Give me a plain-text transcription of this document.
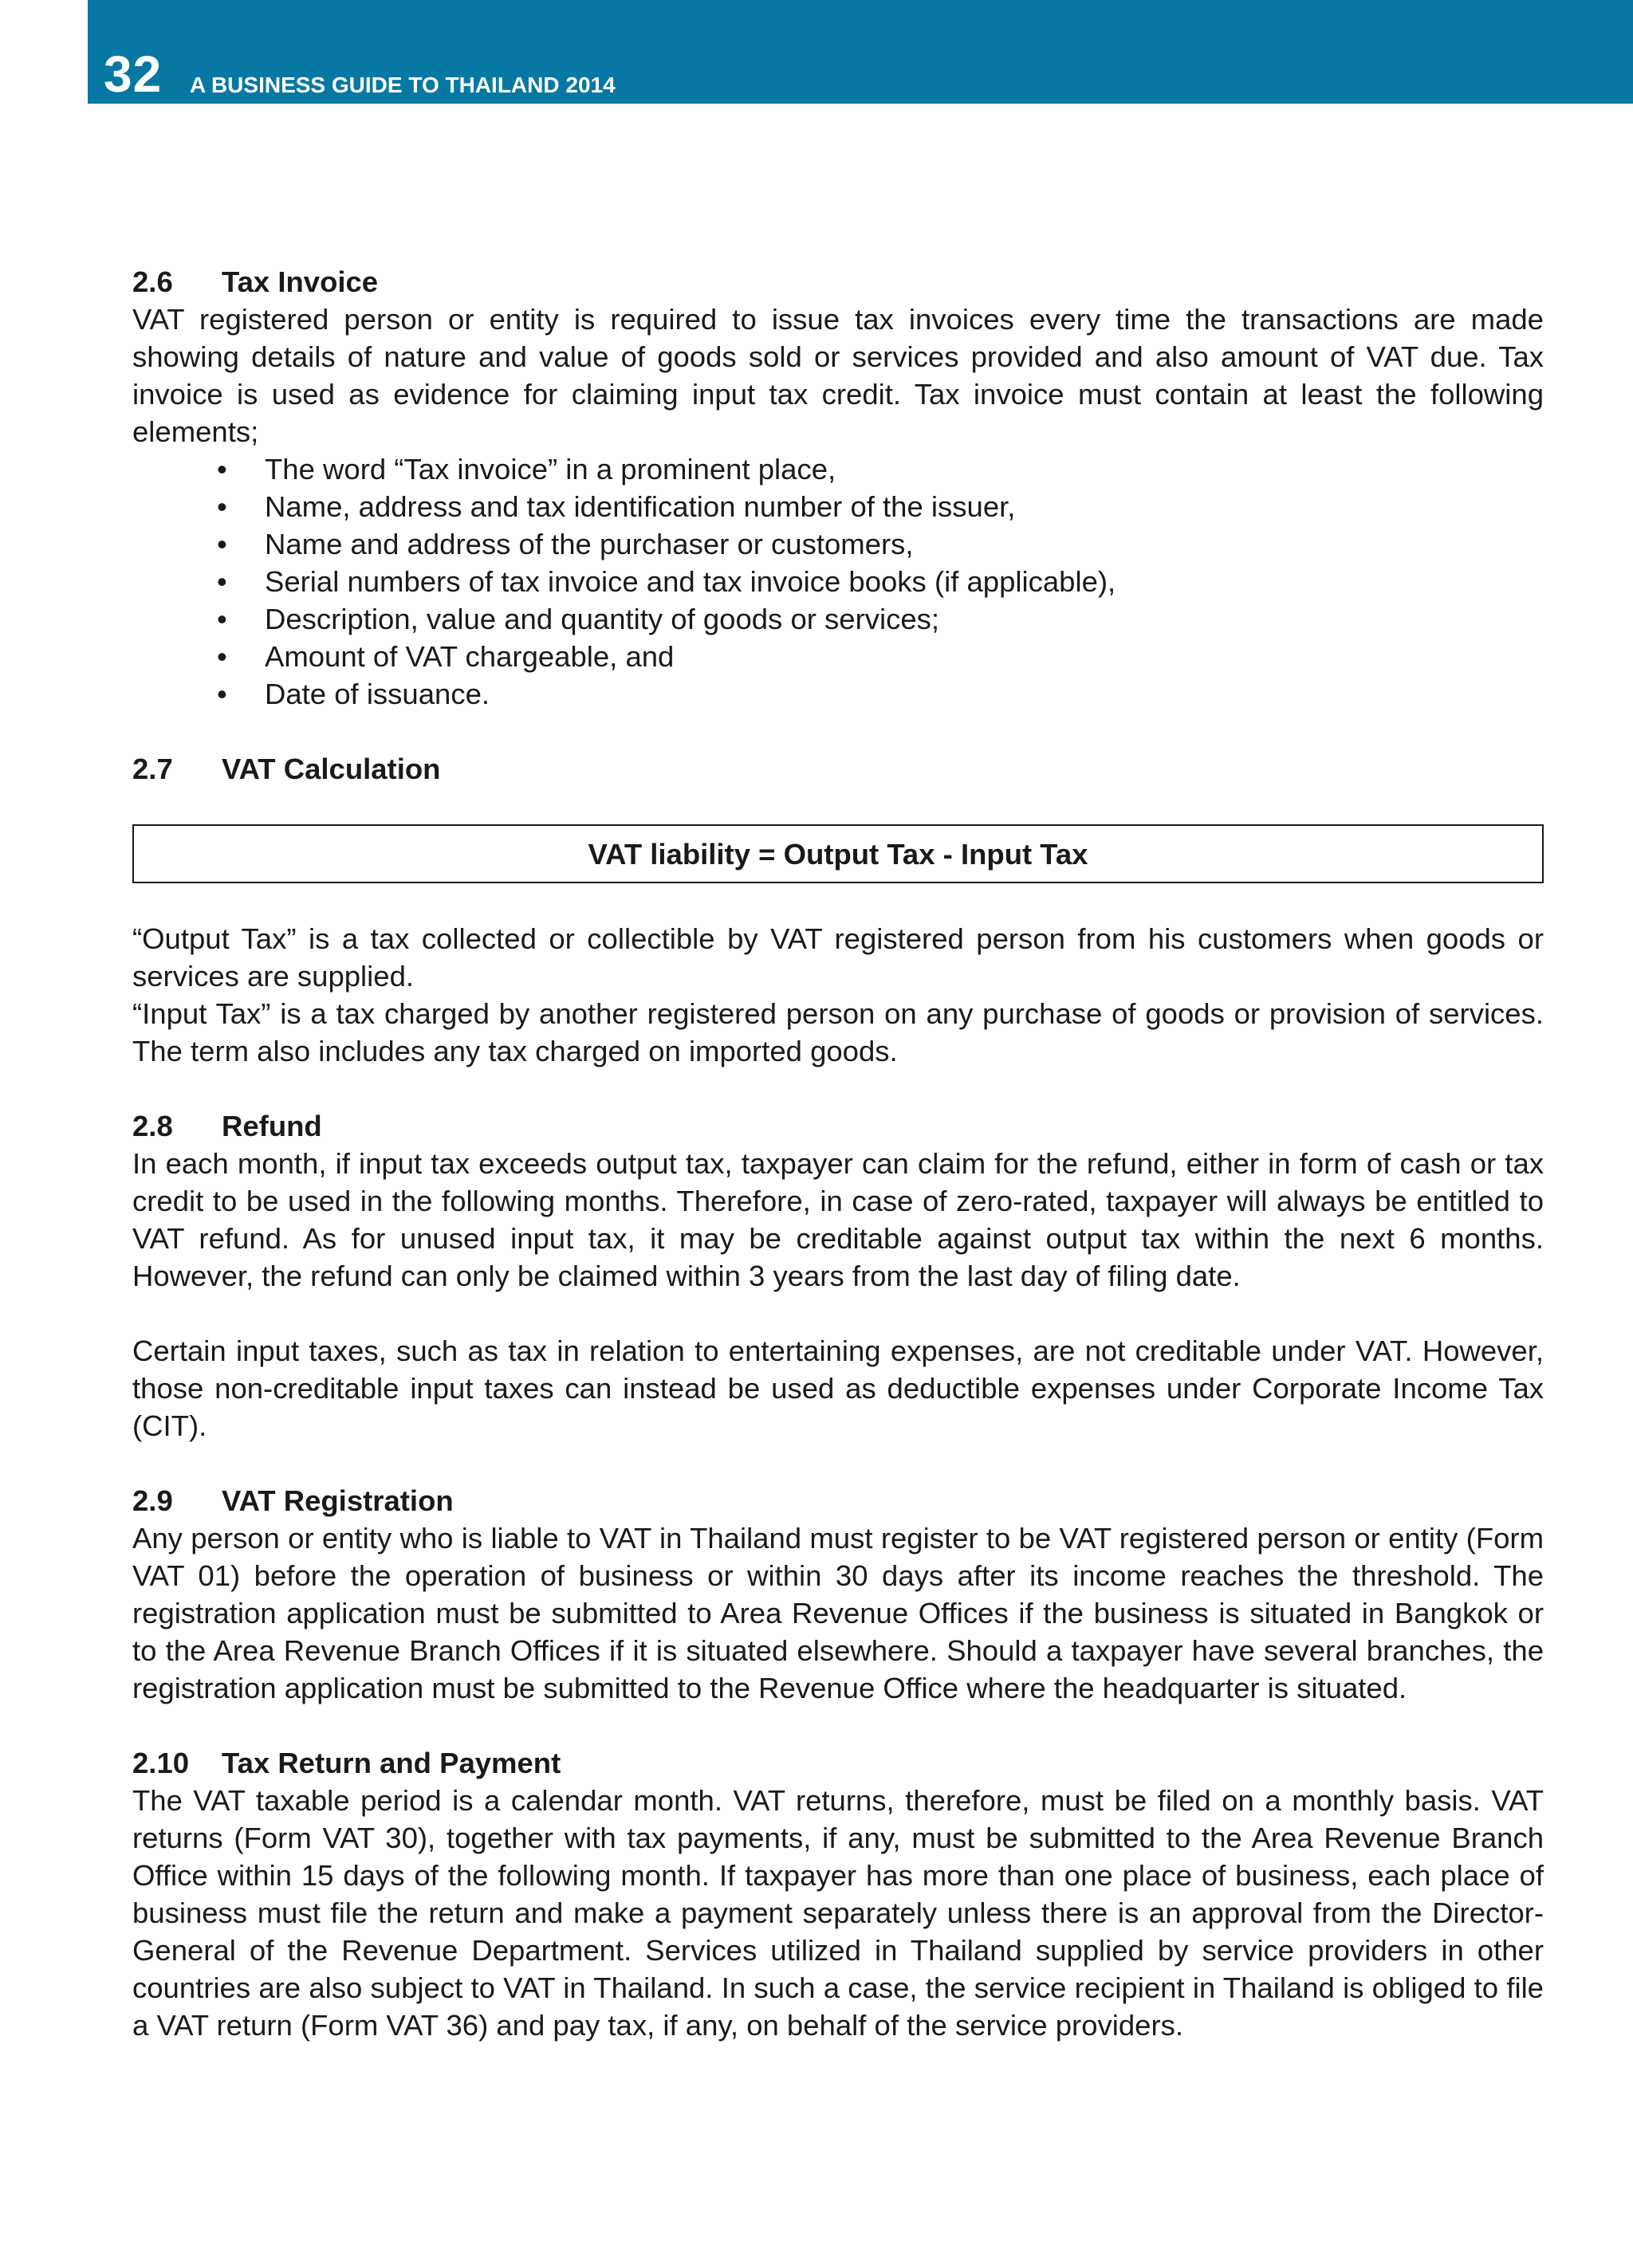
32 A BUSINESS GUIDE TO THAILAND 2014
2.6 Tax Invoice

VAT registered person or entity is required to issue tax invoices every time the transactions are made showing details of nature and value of goods sold or services provided and also amount of VAT due. Tax invoice is used as evidence for claiming input tax credit. Tax invoice must contain at least the following elements;

• The word “Tax invoice” in a prominent place,
• Name, address and tax identification number of the issuer,
• Name and address of the purchaser or customers,
• Serial numbers of tax invoice and tax invoice books (if applicable),
• Description, value and quantity of goods or services;
• Amount of VAT chargeable, and
• Date of issuance.
2.7 VAT Calculation
VAT liability = Output Tax - Input Tax

“Output Tax” is a tax collected or collectible by VAT registered person from his customers when goods or services are supplied.

“Input Tax” is a tax charged by another registered person on any purchase of goods or provision of services. The term also includes any tax charged on imported goods.

2.8 Refund

In each month, if input tax exceeds output tax, taxpayer can claim for the refund, either in form of cash or tax credit to be used in the following months. Therefore, in case of zero-rated, taxpayer will always be entitled to VAT refund. As for unused input tax, it may be creditable against output tax within the next 6 months. However, the refund can only be claimed within 3 years from the last day of filing date.

Certain input taxes, such as tax in relation to entertaining expenses, are not creditable under VAT. However, those non-creditable input taxes can instead be used as deductible expenses under Corporate Income Tax (CIT).

2.9 VAT Registration

Any person or entity who is liable to VAT in Thailand must register to be VAT registered person or entity (Form VAT 01) before the operation of business or within 30 days after its income reaches the threshold. The registration application must be submitted to Area Revenue Offices if the business is situated in Bangkok or to the Area Revenue Branch Offices if it is situated elsewhere. Should a taxpayer have several branches, the registration application must be submitted to the Revenue Office where the headquarter is situated.

2.10 Tax Return and Payment

The VAT taxable period is a calendar month. VAT returns, therefore, must be filed on a monthly basis. VAT returns (Form VAT 30), together with tax payments, if any, must be submitted to the Area Revenue Branch Office within 15 days of the following month. If taxpayer has more than one place of business, each place of business must file the return and make a payment separately unless there is an approval from the Director-General of the Revenue Department. Services utilized in Thailand supplied by service providers in other countries are also subject to VAT in Thailand. In such a case, the service recipient in Thailand is obliged to file a VAT return (Form VAT 36) and pay tax, if any, on behalf of the service providers.
